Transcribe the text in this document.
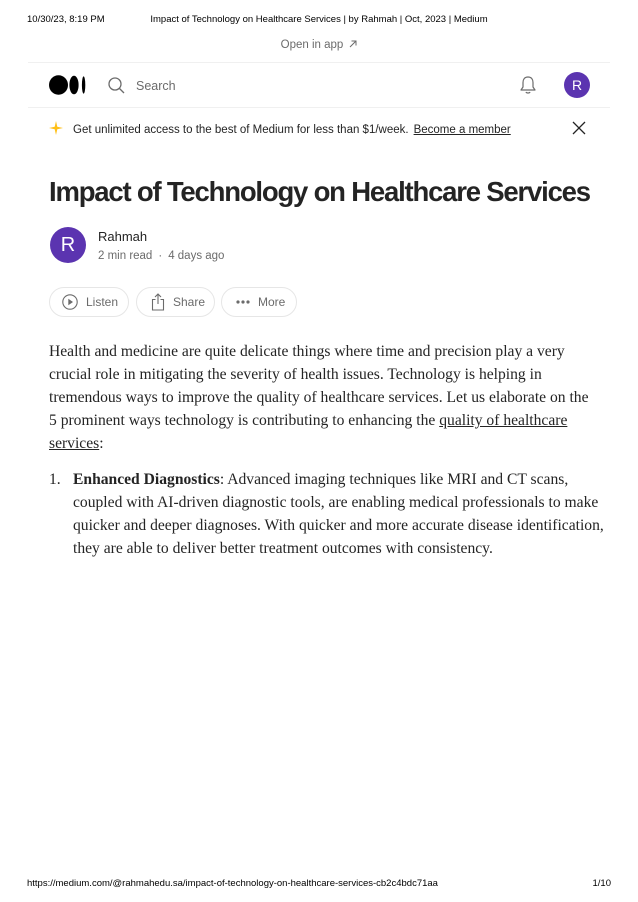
10/30/23, 8:19 PM	Impact of Technology on Healthcare Services | by Rahmah | Oct, 2023 | Medium
Open in app
Search	R
Get unlimited access to the best of Medium for less than $1/week. Become a member
Impact of Technology on Healthcare Services
R	Rahmah
2 min read · 4 days ago
Listen	Share	More

Health and medicine are quite delicate things where time and precision play a very crucial role in mitigating the severity of health issues. Technology is helping in tremendous ways to improve the quality of healthcare services. Let us elaborate on the 5 prominent ways technology is contributing to enhancing the quality of healthcare services:

1. Enhanced Diagnostics: Advanced imaging techniques like MRI and CT scans, coupled with AI-driven diagnostic tools, are enabling medical professionals to make quicker and deeper diagnoses. With quicker and more accurate disease identification, they are able to deliver better treatment outcomes with consistency.
https://medium.com/@rahmahedu.sa/impact-of-technology-on-healthcare-services-cb2c4bdc71aa	1/10
